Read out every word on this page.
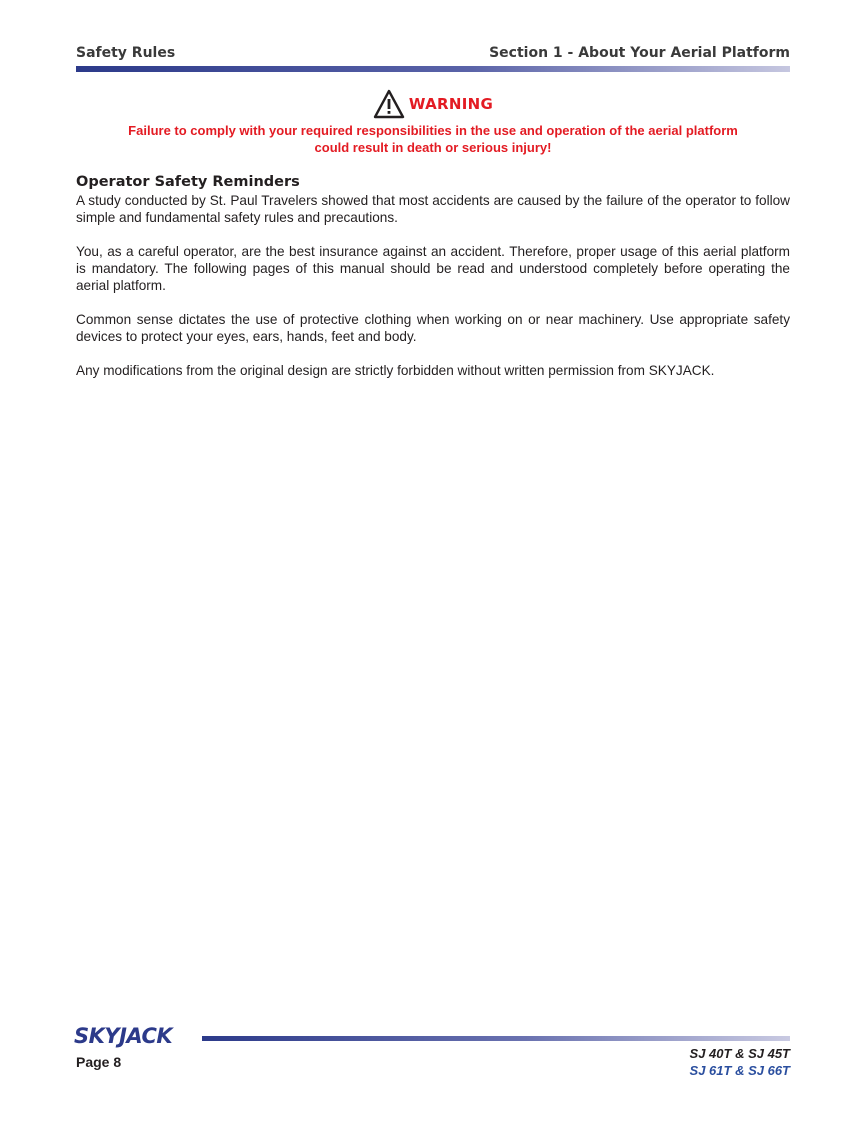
Safety Rules	Section 1 - About Your Aerial Platform
WARNING
Failure to comply with your required responsibilities in the use and operation of the aerial platform
could result in death or serious injury!
Operator Safety Reminders

A study conducted by St. Paul Travelers showed that most accidents are caused by the failure of the operator to follow simple and fundamental safety rules and precautions.

You, as a careful operator, are the best insurance against an accident. Therefore, proper usage of this aerial platform is mandatory. The following pages of this manual should be read and understood completely before operating the aerial platform.

Common sense dictates the use of protective clothing when working on or near machinery. Use appropriate safety devices to protect your eyes, ears, hands, feet and body.

Any modifications from the original design are strictly forbidden without written permission from SKYJACK.

SKYJACK
Page 8
SJ 40T & SJ 45T
SJ 61T & SJ 66T
